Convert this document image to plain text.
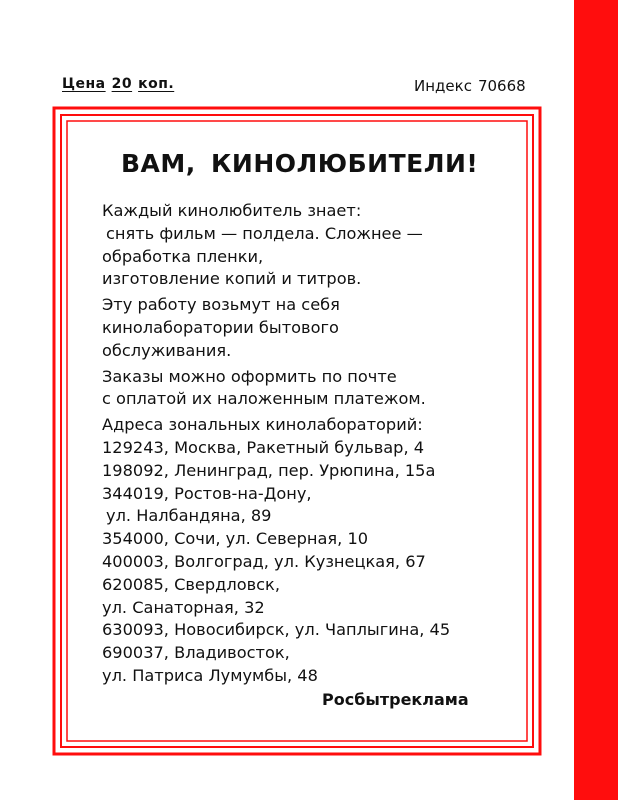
Цена 20 коп.	Индекс 70668
ВАМ, КИНОЛЮБИТЕЛИ!
Каждый кинолюбитель знает:
снять фильм — полдела. Сложнее —
обработка пленки,
изготовление копий и титров.
Эту работу возьмут на себя
кинолаборатории бытового
обслуживания.
Заказы можно оформить по почте
с оплатой их наложенным платежом.
Адреса зональных кинолабораторий:
129243, Москва, Ракетный бульвар, 4
198092, Ленинград, пер. Урюпина, 15а
344019, Ростов-на-Дону,
ул. Налбандяна, 89
354000, Сочи, ул. Северная, 10
400003, Волгоград, ул. Кузнецкая, 67
620085, Свердловск,
ул. Санаторная, 32
630093, Новосибирск, ул. Чаплыгина, 45
690037, Владивосток,
ул. Патриса Лумумбы, 48
Росбытреклама
